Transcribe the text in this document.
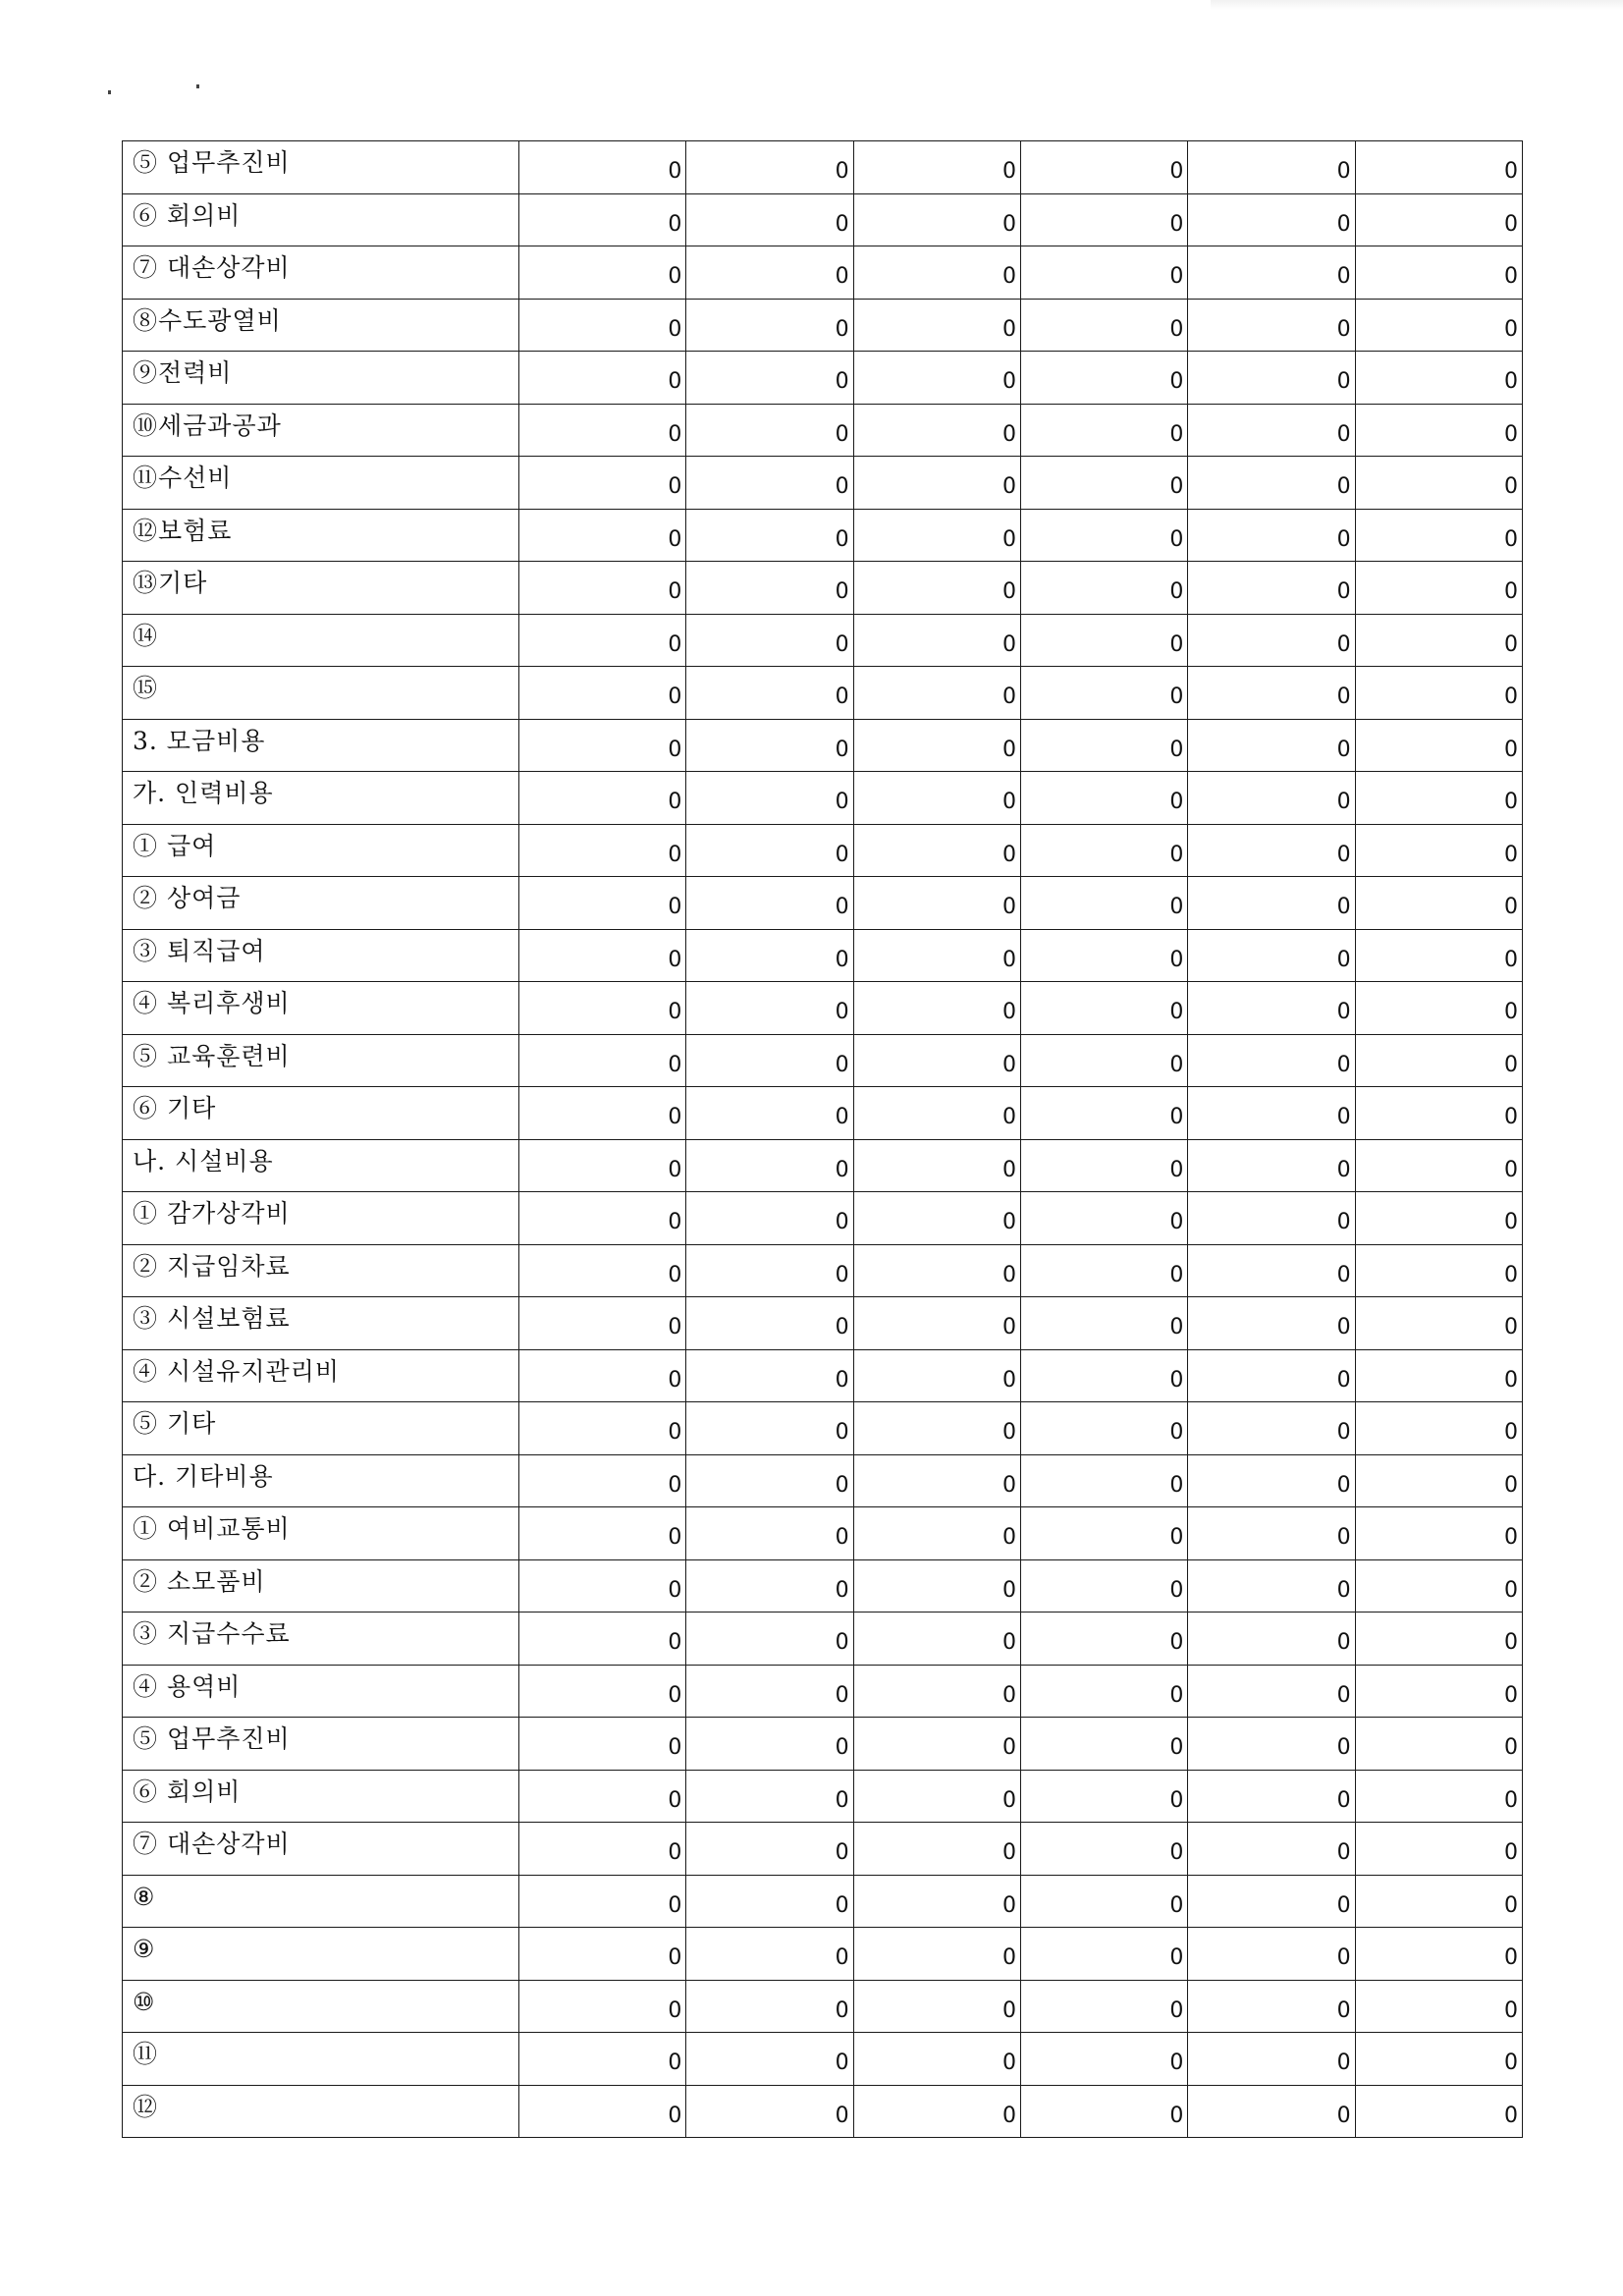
⑤ 업무추진비	0	0	0	0	0	0
⑥ 회의비	0	0	0	0	0	0
⑦ 대손상각비	0	0	0	0	0	0
⑧수도광열비	0	0	0	0	0	0
⑨전력비	0	0	0	0	0	0
⑩세금과공과	0	0	0	0	0	0
⑪수선비	0	0	0	0	0	0
⑫보험료	0	0	0	0	0	0
⑬기타	0	0	0	0	0	0
⑭	0	0	0	0	0	0
⑮	0	0	0	0	0	0
3. 모금비용	0	0	0	0	0	0
가. 인력비용	0	0	0	0	0	0
① 급여	0	0	0	0	0	0
② 상여금	0	0	0	0	0	0
③ 퇴직급여	0	0	0	0	0	0
④ 복리후생비	0	0	0	0	0	0
⑤ 교육훈련비	0	0	0	0	0	0
⑥ 기타	0	0	0	0	0	0
나. 시설비용	0	0	0	0	0	0
① 감가상각비	0	0	0	0	0	0
② 지급임차료	0	0	0	0	0	0
③ 시설보험료	0	0	0	0	0	0
④ 시설유지관리비	0	0	0	0	0	0
⑤ 기타	0	0	0	0	0	0
다. 기타비용	0	0	0	0	0	0
① 여비교통비	0	0	0	0	0	0
② 소모품비	0	0	0	0	0	0
③ 지급수수료	0	0	0	0	0	0
④ 용역비	0	0	0	0	0	0
⑤ 업무추진비	0	0	0	0	0	0
⑥ 회의비	0	0	0	0	0	0
⑦ 대손상각비	0	0	0	0	0	0
⑧	0	0	0	0	0	0
⑨	0	0	0	0	0	0
⑩	0	0	0	0	0	0
⑪	0	0	0	0	0	0
⑫	0	0	0	0	0	0
